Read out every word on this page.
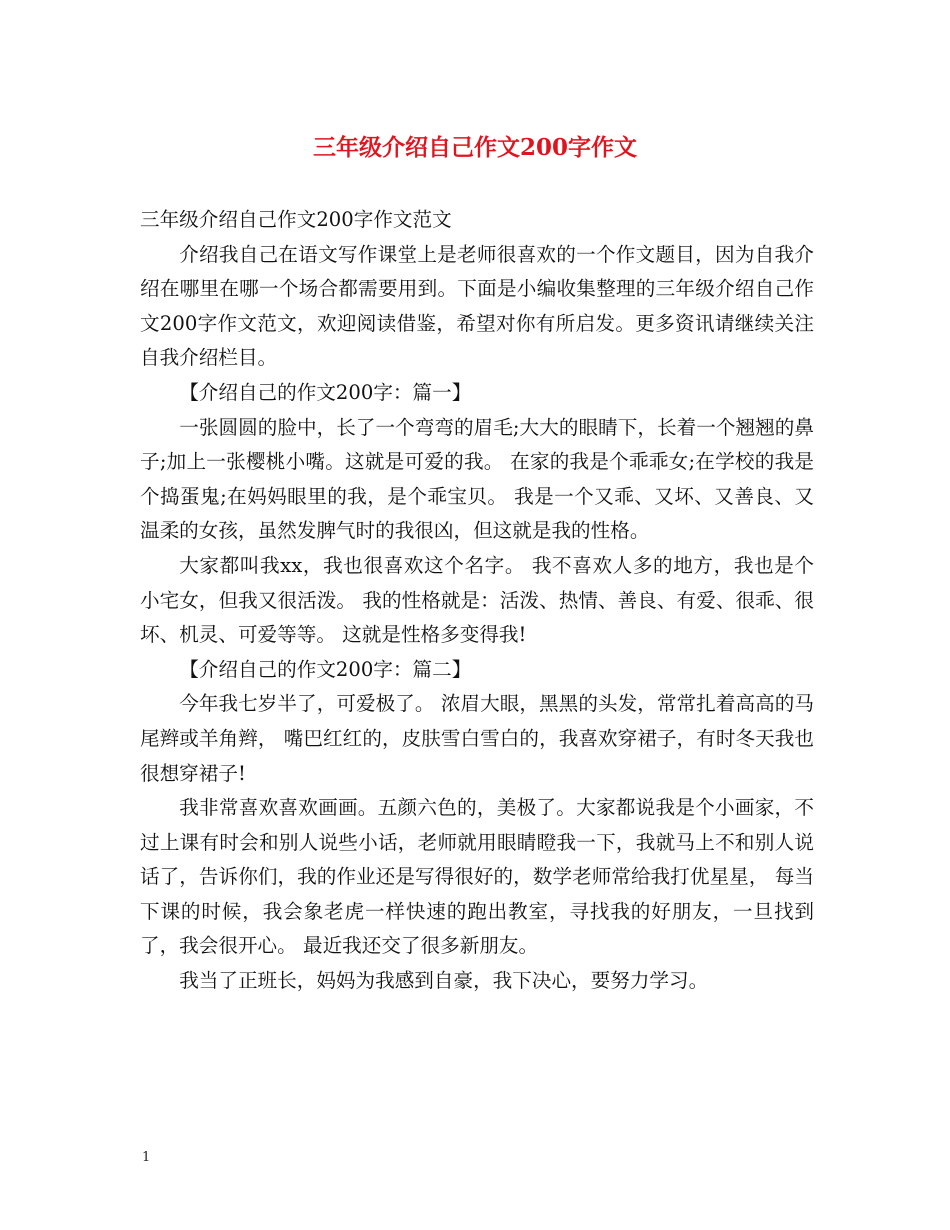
三年级介绍自己作文200字作文

三年级介绍自己作文200字作文范文

介绍我自己在语文写作课堂上是老师很喜欢的一个作文题目，因为自我介绍在哪里在哪一个场合都需要用到。下面是小编收集整理的三年级介绍自己作文200字作文范文，欢迎阅读借鉴，希望对你有所启发。更多资讯请继续关注自我介绍栏目。

【介绍自己的作文200字：篇一】

一张圆圆的脸中，长了一个弯弯的眉毛;大大的眼睛下，长着一个翘翘的鼻子;加上一张樱桃小嘴。这就是可爱的我。 在家的我是个乖乖女;在学校的我是个捣蛋鬼;在妈妈眼里的我，是个乖宝贝。 我是一个又乖、又坏、又善良、又温柔的女孩，虽然发脾气时的我很凶，但这就是我的性格。

大家都叫我xx，我也很喜欢这个名字。 我不喜欢人多的地方，我也是个小宅女，但我又很活泼。 我的性格就是：活泼、热情、善良、有爱、很乖、很坏、机灵、可爱等等。 这就是性格多变得我!

【介绍自己的作文200字：篇二】

今年我七岁半了，可爱极了。 浓眉大眼，黑黑的头发，常常扎着高高的马尾辫或羊角辫， 嘴巴红红的，皮肤雪白雪白的，我喜欢穿裙子，有时冬天我也很想穿裙子!

我非常喜欢喜欢画画。五颜六色的，美极了。大家都说我是个小画家，不过上课有时会和别人说些小话，老师就用眼睛瞪我一下，我就马上不和别人说话了，告诉你们，我的作业还是写得很好的，数学老师常给我打优星星， 每当下课的时候，我会象老虎一样快速的跑出教室，寻找我的好朋友，一旦找到了，我会很开心。 最近我还交了很多新朋友。

我当了正班长，妈妈为我感到自豪，我下决心，要努力学习。

1
